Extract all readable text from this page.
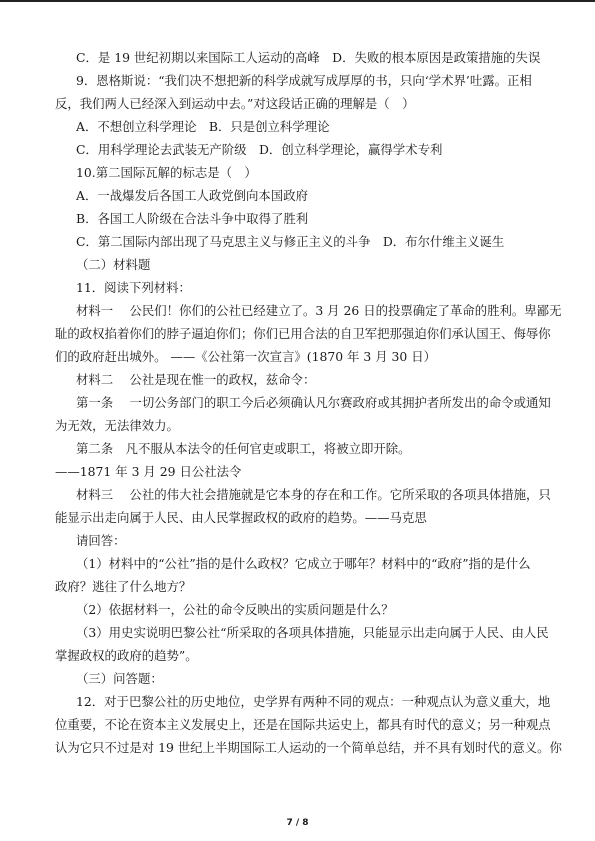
C．是 19 世纪初期以来国际工人运动的高峰　D．失败的根本原因是政策措施的失误
9．恩格斯说：“我们决不想把新的科学成就写成厚厚的书，只向‘学术界’吐露。正相
反，我们两人已经深入到运动中去。”对这段话正确的理解是（　）
A．不想创立科学理论　B．只是创立科学理论
C．用科学理论去武装无产阶级　D．创立科学理论，赢得学术专利
10.第二国际瓦解的标志是（　）
A．一战爆发后各国工人政党倒向本国政府
B．各国工人阶级在合法斗争中取得了胜利
C．第二国际内部出现了马克思主义与修正主义的斗争　D．布尔什维主义诞生
（二）材料题
11．阅读下列材料：
材料一　 公民们！你们的公社已经建立了。3 月 26 日的投票确定了革命的胜利。卑鄙无
耻的政权掐着你们的脖子逼迫你们；你们已用合法的自卫军把那强迫你们承认国王、侮辱你
们的政府赶出城外。 ——《公社第一次宣言》(1870 年 3 月 30 日）
材料二　 公社是现在惟一的政权，兹命令：
第一条　 一切公务部门的职工今后必须确认凡尔赛政府或其拥护者所发出的命令或通知
为无效，无法律效力。
第二条　凡不服从本法令的任何官吏或职工，将被立即开除。
——1871 年 3 月 29 日公社法令
材料三　 公社的伟大社会措施就是它本身的存在和工作。它所采取的各项具体措施，只
能显示出走向属于人民、由人民掌握政权的政府的趋势。——马克思
请回答：
（1）材料中的“公社”指的是什么政权？它成立于哪年？材料中的“政府”指的是什么
政府？逃往了什么地方？
（2）依据材料一，公社的命令反映出的实质问题是什么？
（3）用史实说明巴黎公社“所采取的各项具体措施，只能显示出走向属于人民、由人民
掌握政权的政府的趋势”。
（三）问答题：
12．对于巴黎公社的历史地位，史学界有两种不同的观点：一种观点认为意义重大，地
位重要，不论在资本主义发展史上，还是在国际共运史上，都具有时代的意义；另一种观点
认为它只不过是对 19 世纪上半期国际工人运动的一个简单总结，并不具有划时代的意义。你
7 / 8
